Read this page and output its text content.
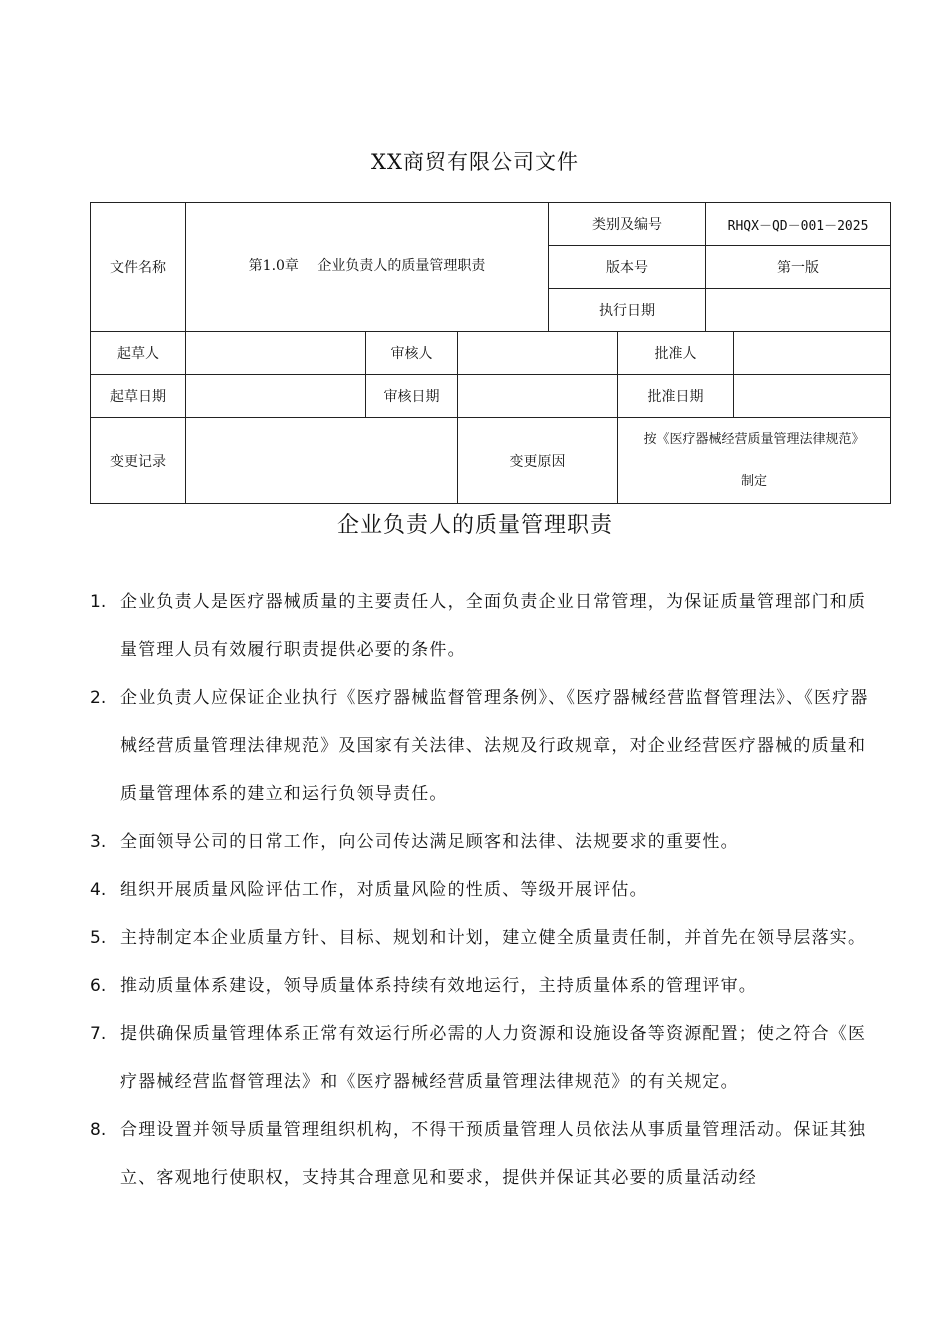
XX商贸有限公司文件
文件名称	第1.0章　 企业负责人的质量管理职责			类别及编号		RHQX－QD－001－2025	
				版本号		第一版	
				执行日期			
起草人		审核人			批准人		
起草日期		审核日期			批准日期		
变更记录			变更原因		按《医疗器械经营质量管理法律规范》
制定		
企业负责人的质量管理职责
1. 企业负责人是医疗器械质量的主要责任人，全面负责企业日常管理，为保证质量管理部门和质量管理人员有效履行职责提供必要的条件。
2. 企业负责人应保证企业执行《医疗器械监督管理条例》、《医疗器械经营监督管理法》、《医疗器械经营质量管理法律规范》及国家有关法律、法规及行政规章，对企业经营医疗器械的质量和质量管理体系的建立和运行负领导责任。
3. 全面领导公司的日常工作，向公司传达满足顾客和法律、法规要求的重要性。
4. 组织开展质量风险评估工作，对质量风险的性质、等级开展评估。
5. 主持制定本企业质量方针、目标、规划和计划，建立健全质量责任制，并首先在领导层落实。
6. 推动质量体系建设，领导质量体系持续有效地运行，主持质量体系的管理评审。
7. 提供确保质量管理体系正常有效运行所必需的人力资源和设施设备等资源配置；使之符合《医疗器械经营监督管理法》和《医疗器械经营质量管理法律规范》的有关规定。
8. 合理设置并领导质量管理组织机构，不得干预质量管理人员依法从事质量管理活动。保证其独立、客观地行使职权，支持其合理意见和要求，提供并保证其必要的质量活动经
